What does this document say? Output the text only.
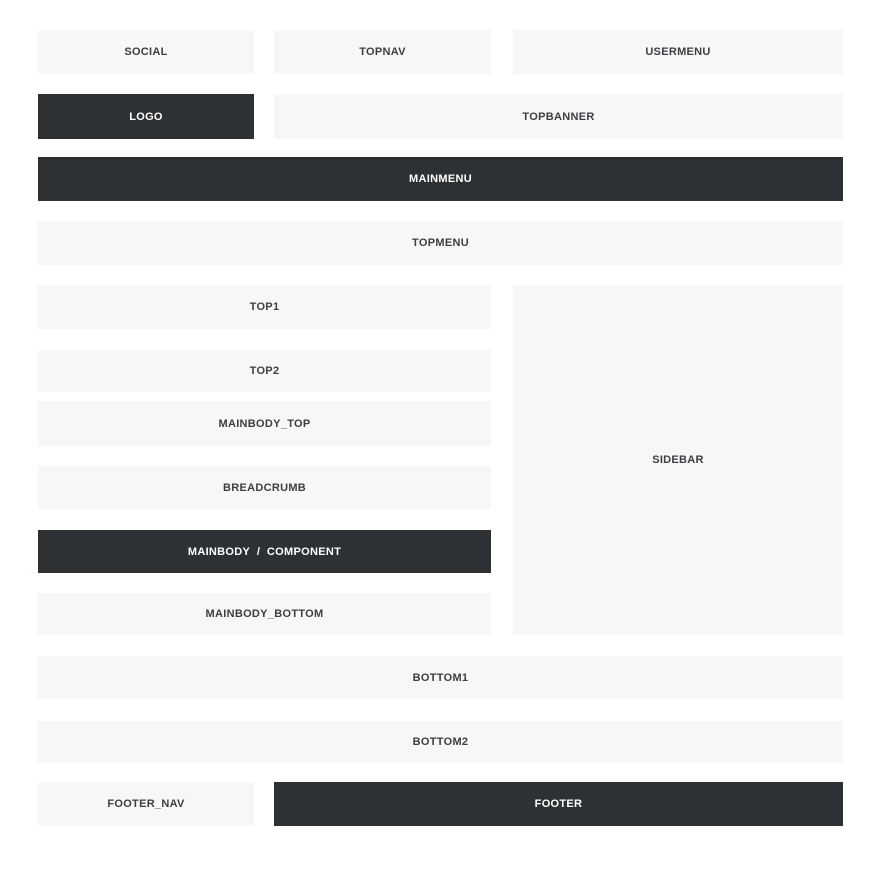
SOCIAL	TOPNAV	USERMENU
LOGO	TOPBANNER
MAINMENU
TOPMENU
TOP1
TOP2
MAINBODY_TOP
BREADCRUMB
MAINBODY  /  COMPONENT
MAINBODY_BOTTOM
SIDEBAR
BOTTOM1
BOTTOM2
FOOTER_NAV	FOOTER
